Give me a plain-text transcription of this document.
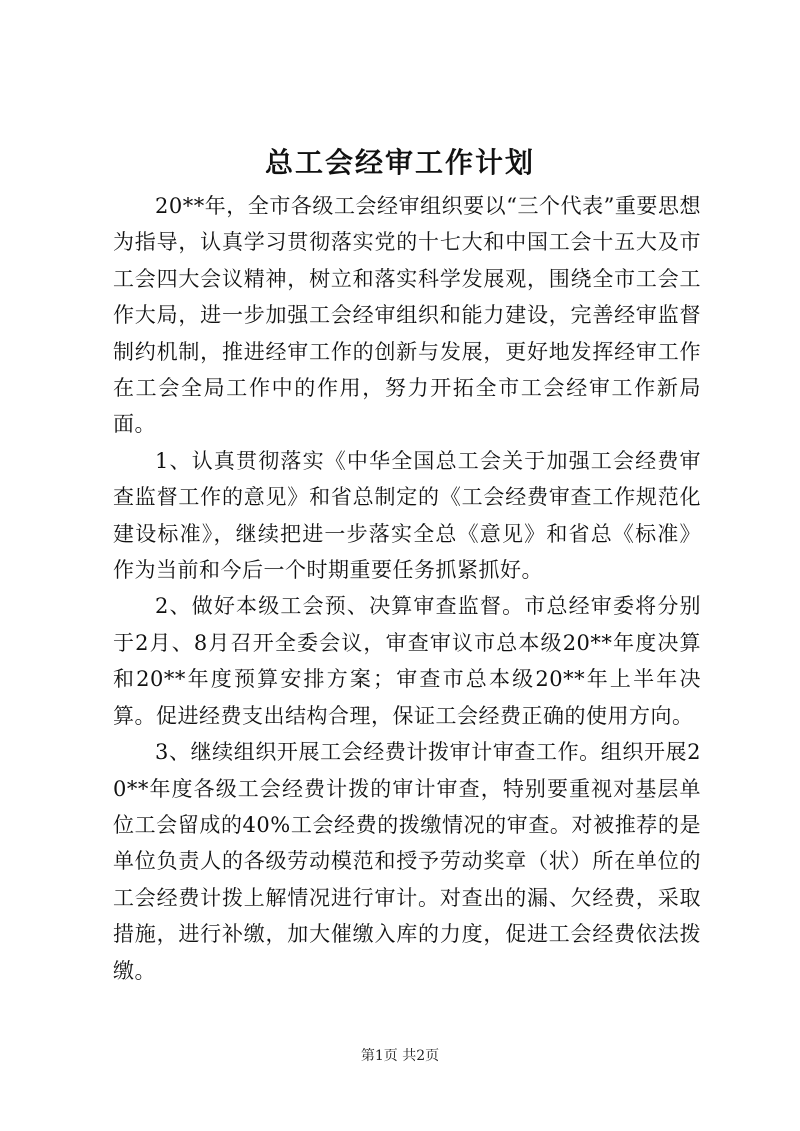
总工会经审工作计划

20**年，全市各级工会经审组织要以“三个代表”重要思想为指导，认真学习贯彻落实党的十七大和中国工会十五大及市工会四大会议精神，树立和落实科学发展观，围绕全市工会工作大局，进一步加强工会经审组织和能力建设，完善经审监督制约机制，推进经审工作的创新与发展，更好地发挥经审工作在工会全局工作中的作用，努力开拓全市工会经审工作新局面。

1、认真贯彻落实《中华全国总工会关于加强工会经费审查监督工作的意见》和省总制定的《工会经费审查工作规范化建设标准》，继续把进一步落实全总《意见》和省总《标准》作为当前和今后一个时期重要任务抓紧抓好。

2、做好本级工会预、决算审查监督。市总经审委将分别于2月、8月召开全委会议，审查审议市总本级20**年度决算和20**年度预算安排方案；审查市总本级20**年上半年决算。促进经费支出结构合理，保证工会经费正确的使用方向。

3、继续组织开展工会经费计拨审计审查工作。组织开展20**年度各级工会经费计拨的审计审查，特别要重视对基层单位工会留成的40%工会经费的拨缴情况的审查。对被推荐的是单位负责人的各级劳动模范和授予劳动奖章（状）所在单位的工会经费计拨上解情况进行审计。对查出的漏、欠经费，采取措施，进行补缴，加大催缴入库的力度，促进工会经费依法拨缴。

第1页 共2页
